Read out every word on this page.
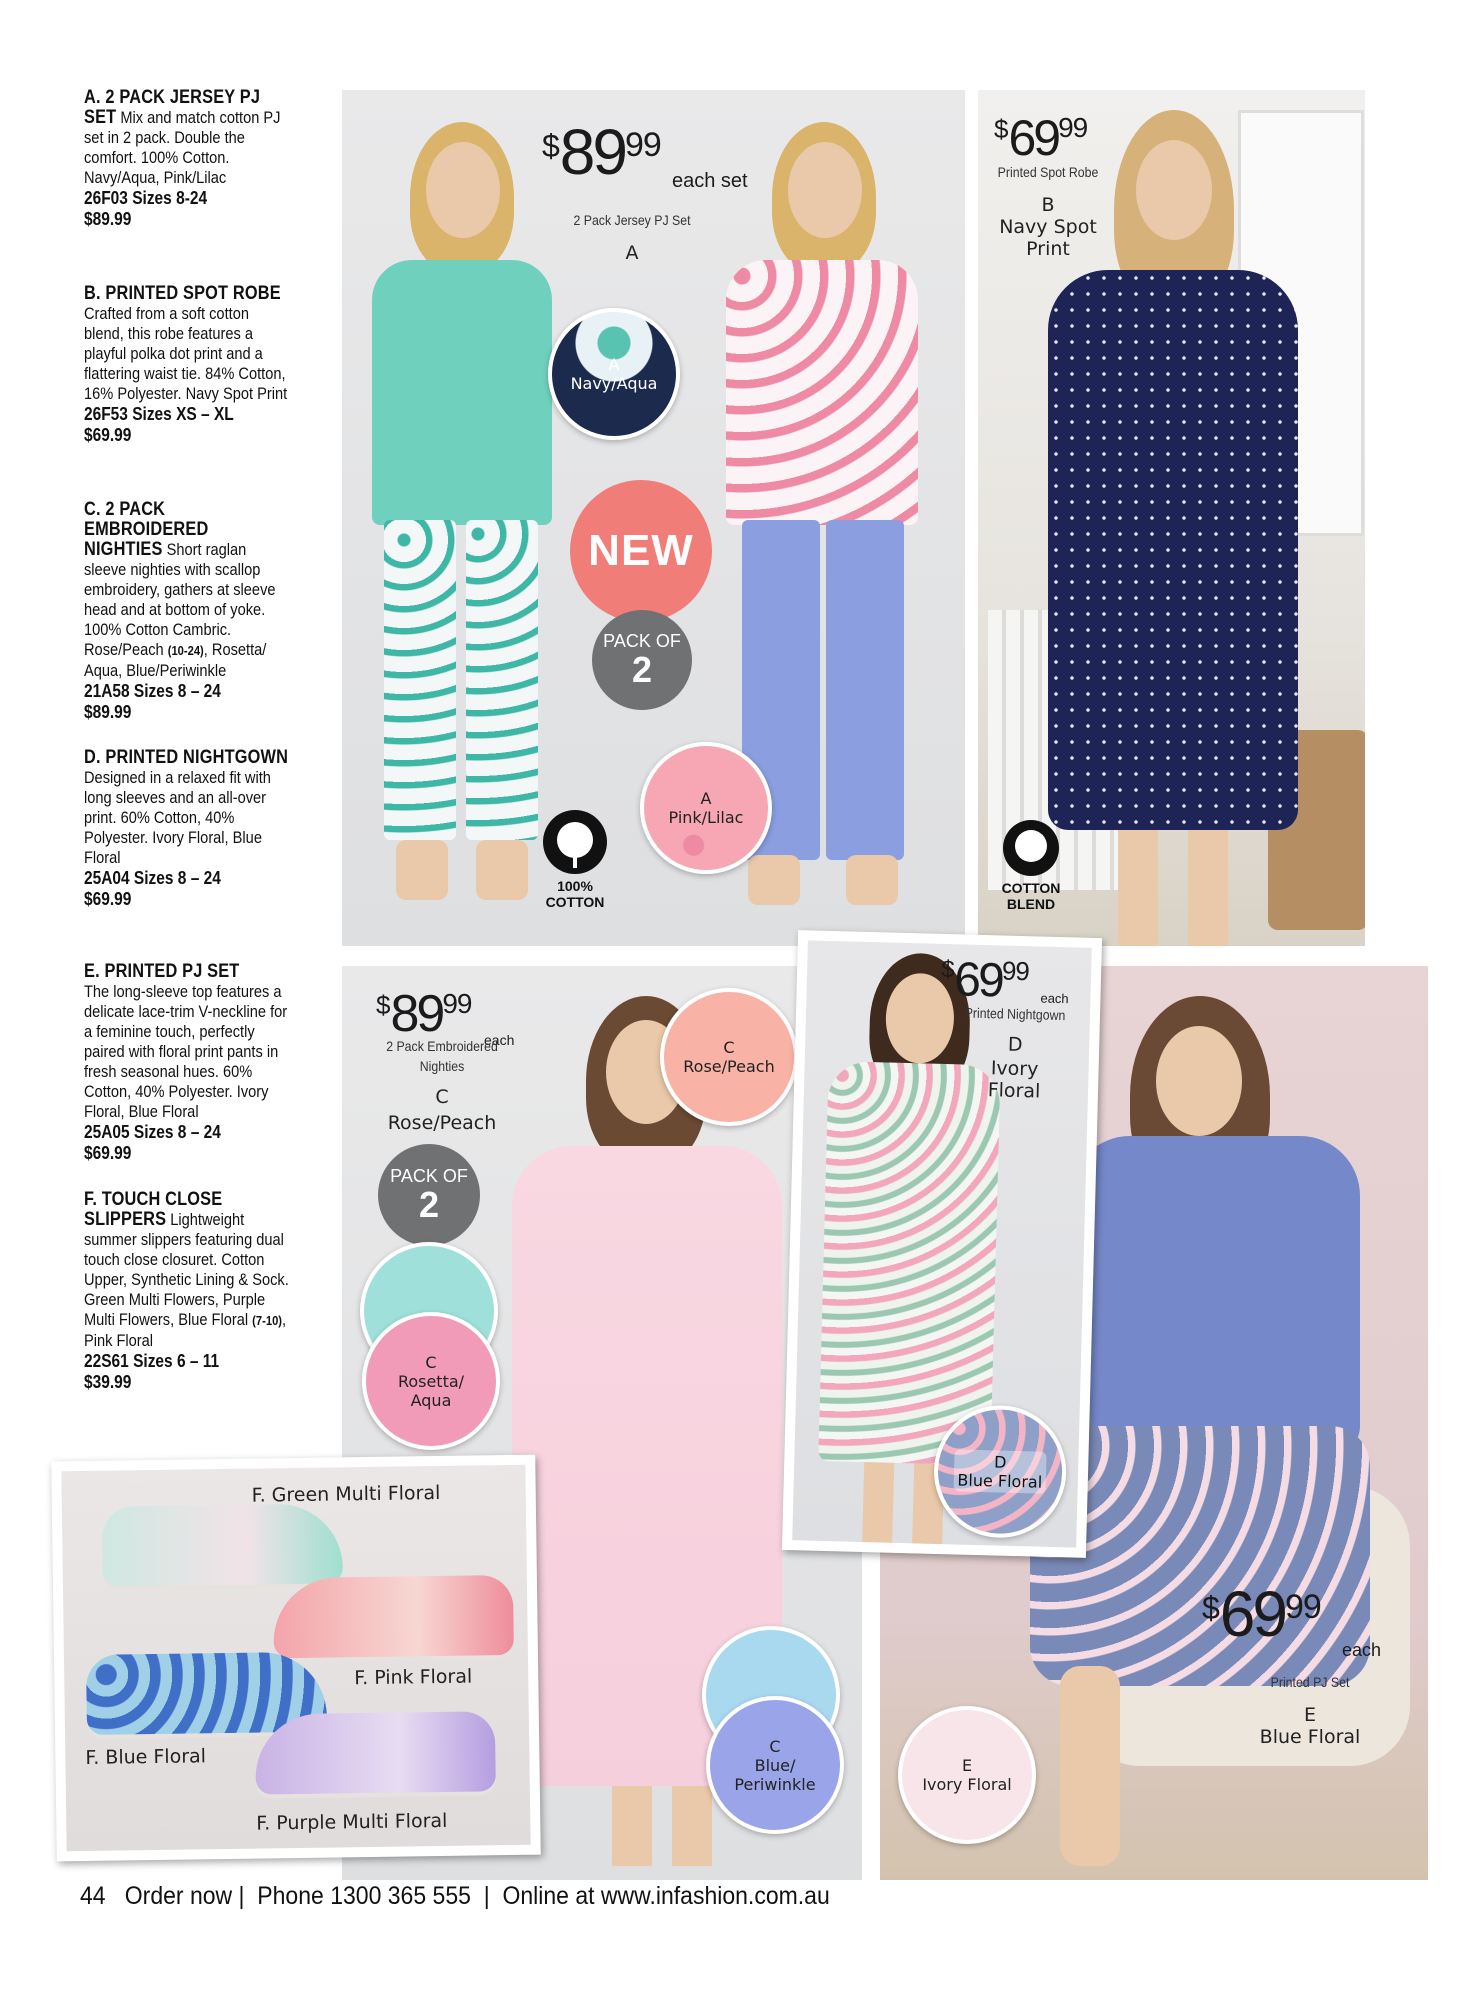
A. 2 PACK JERSEY PJ SET Mix and match cotton PJ set in 2 pack. Double the comfort. 100% Cotton. Navy/Aqua, Pink/Lilac
26F03 Sizes 8-24
$89.99
B. PRINTED SPOT ROBE Crafted from a soft cotton blend, this robe features a playful polka dot print and a flattering waist tie. 84% Cotton, 16% Polyester. Navy Spot Print
26F53 Sizes XS – XL
$69.99
C. 2 PACK EMBROIDERED NIGHTIES Short raglan sleeve nighties with scallop embroidery, gathers at sleeve head and at bottom of yoke. 100% Cotton Cambric. Rose/Peach (10-24), Rosetta/ Aqua, Blue/Periwinkle
21A58 Sizes 8 – 24
$89.99
D. PRINTED NIGHTGOWN
Designed in a relaxed fit with long sleeves and an all-over print. 60% Cotton, 40% Polyester. Ivory Floral, Blue Floral
25A04 Sizes 8 – 24
$69.99
E. PRINTED PJ SET
The long-sleeve top features a delicate lace-trim V-neckline for a feminine touch, perfectly paired with floral print pants in fresh seasonal hues. 60% Cotton, 40% Polyester. Ivory Floral, Blue Floral
25A05 Sizes 8 – 24
$69.99
F. TOUCH CLOSE SLIPPERS Lightweight summer slippers featuring dual touch close closuret. Cotton Upper, Synthetic Lining & Sock. Green Multi Flowers, Purple Multi Flowers, Blue Floral (7-10), Pink Floral
22S61 Sizes 6 – 11
$39.99
$8999
each set
2 Pack Jersey PJ Set
A
A
Navy/Aqua
NEW
PACK OF
2
A
Pink/Lilac
100%
COTTON
$6999
Printed Spot Robe
B
Navy Spot
Print
COTTON
BLEND
$8999
each
2 Pack Embroidered
Nighties
C
Rose/Peach
PACK OF
2
C
Rosetta/
Aqua
C
Rose/Peach
C
Blue/
Periwinkle
$6999
each
Printed PJ Set
E
Blue Floral
E
Ivory Floral
$6999
each
Printed Nightgown
D
Ivory
Floral
D
Blue Floral
F. Green Multi Floral
F. Pink Floral
F. Blue Floral
F. Purple Multi Floral
44 Order now |  Phone 1300 365 555  |  Online at www.infashion.com.au
